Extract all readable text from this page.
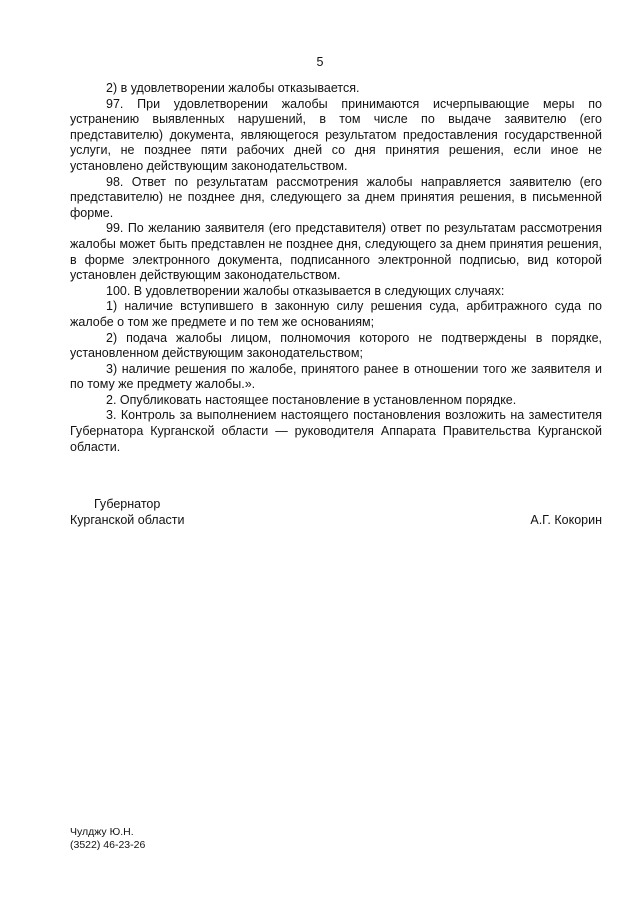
5

2) в удовлетворении жалобы отказывается.

97. При удовлетворении жалобы принимаются исчерпывающие меры по устранению выявленных нарушений, в том числе по выдаче заявителю (его представителю) документа, являющегося результатом предоставления государственной услуги, не позднее пяти рабочих дней со дня принятия решения, если иное не установлено действующим законодательством.

98. Ответ по результатам рассмотрения жалобы направляется заявителю (его представителю) не позднее дня, следующего за днем принятия решения, в письменной форме.

99. По желанию заявителя (его представителя) ответ по результатам рассмотрения жалобы может быть представлен не позднее дня, следующего за днем принятия решения, в форме электронного документа, подписанного электронной подписью, вид которой установлен действующим законодательством.

100. В удовлетворении жалобы отказывается в следующих случаях:

1) наличие вступившего в законную силу решения суда, арбитражного суда по жалобе о том же предмете и по тем же основаниям;

2) подача жалобы лицом, полномочия которого не подтверждены в порядке, установленном действующим законодательством;

3) наличие решения по жалобе, принятого ранее в отношении того же заявителя и по тому же предмету жалобы.».

2. Опубликовать настоящее постановление в установленном порядке.

3. Контроль за выполнением настоящего постановления возложить на заместителя Губернатора Курганской области — руководителя Аппарата Правительства Курганской области.

Губернатор
Курганской области	А.Г. Кокорин
Чулджу Ю.Н.
(3522) 46-23-26
